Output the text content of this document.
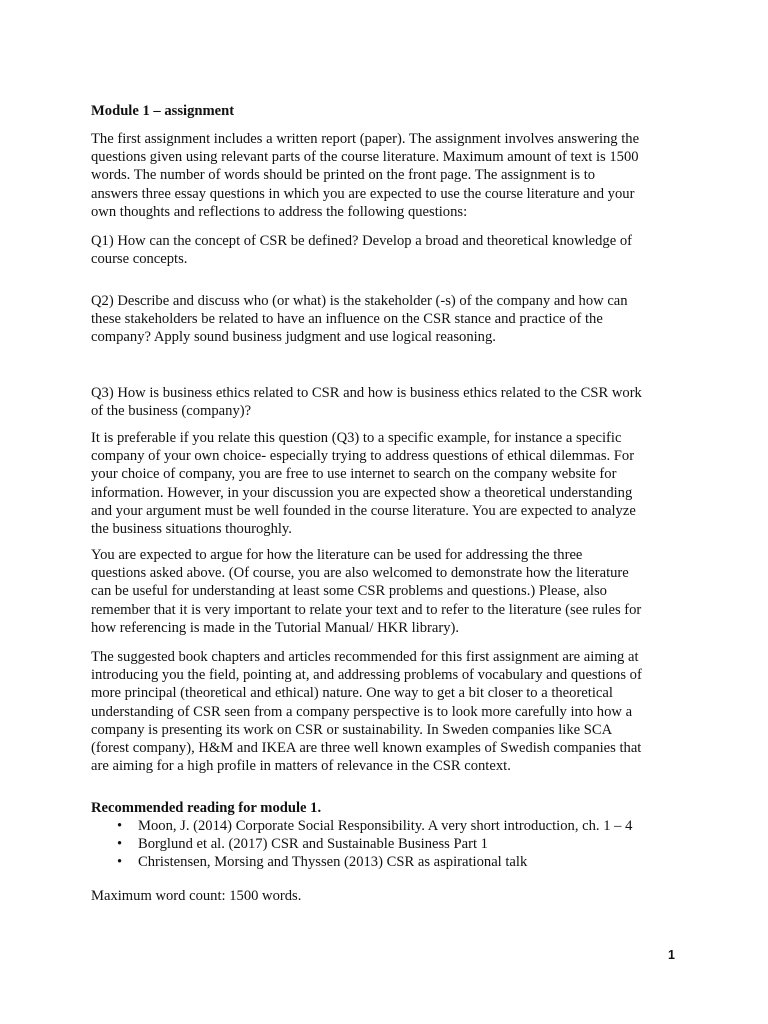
Module 1 – assignment
The first assignment includes a written report (paper). The assignment involves answering the
questions given using relevant parts of the course literature. Maximum amount of text is 1500
words. The number of words should be printed on the front page. The assignment is to
answers three essay questions in which you are expected to use the course literature and your
own thoughts and reflections to address the following questions:
Q1) How can the concept of CSR be defined? Develop a broad and theoretical knowledge of
course concepts.
Q2) Describe and discuss who (or what) is the stakeholder (-s) of the company and how can
these stakeholders be related to have an influence on the CSR stance and practice of the
company? Apply sound business judgment and use logical reasoning.
Q3) How is business ethics related to CSR and how is business ethics related to the CSR work
of the business (company)?
It is preferable if you relate this question (Q3) to a specific example, for instance a specific
company of your own choice- especially trying to address questions of ethical dilemmas. For
your choice of company, you are free to use internet to search on the company website for
information. However, in your discussion you are expected show a theoretical understanding
and your argument must be well founded in the course literature. You are expected to analyze
the business situations thouroghly.
You are expected to argue for how the literature can be used for addressing the three
questions asked above. (Of course, you are also welcomed to demonstrate how the literature
can be useful for understanding at least some CSR problems and questions.) Please, also
remember that it is very important to relate your text and to refer to the literature (see rules for
how referencing is made in the Tutorial Manual/ HKR library).
The suggested book chapters and articles recommended for this first assignment are aiming at
introducing you the field, pointing at, and addressing problems of vocabulary and questions of
more principal (theoretical and ethical) nature. One way to get a bit closer to a theoretical
understanding of CSR seen from a company perspective is to look more carefully into how a
company is presenting its work on CSR or sustainability. In Sweden companies like SCA
(forest company), H&M and IKEA are three well known examples of Swedish companies that
are aiming for a high profile in matters of relevance in the CSR context.
Recommended reading for module 1.
• Moon, J. (2014) Corporate Social Responsibility. A very short introduction, ch. 1 – 4
• Borglund et al. (2017) CSR and Sustainable Business Part 1
• Christensen, Morsing and Thyssen (2013) CSR as aspirational talk
Maximum word count: 1500 words.
1
